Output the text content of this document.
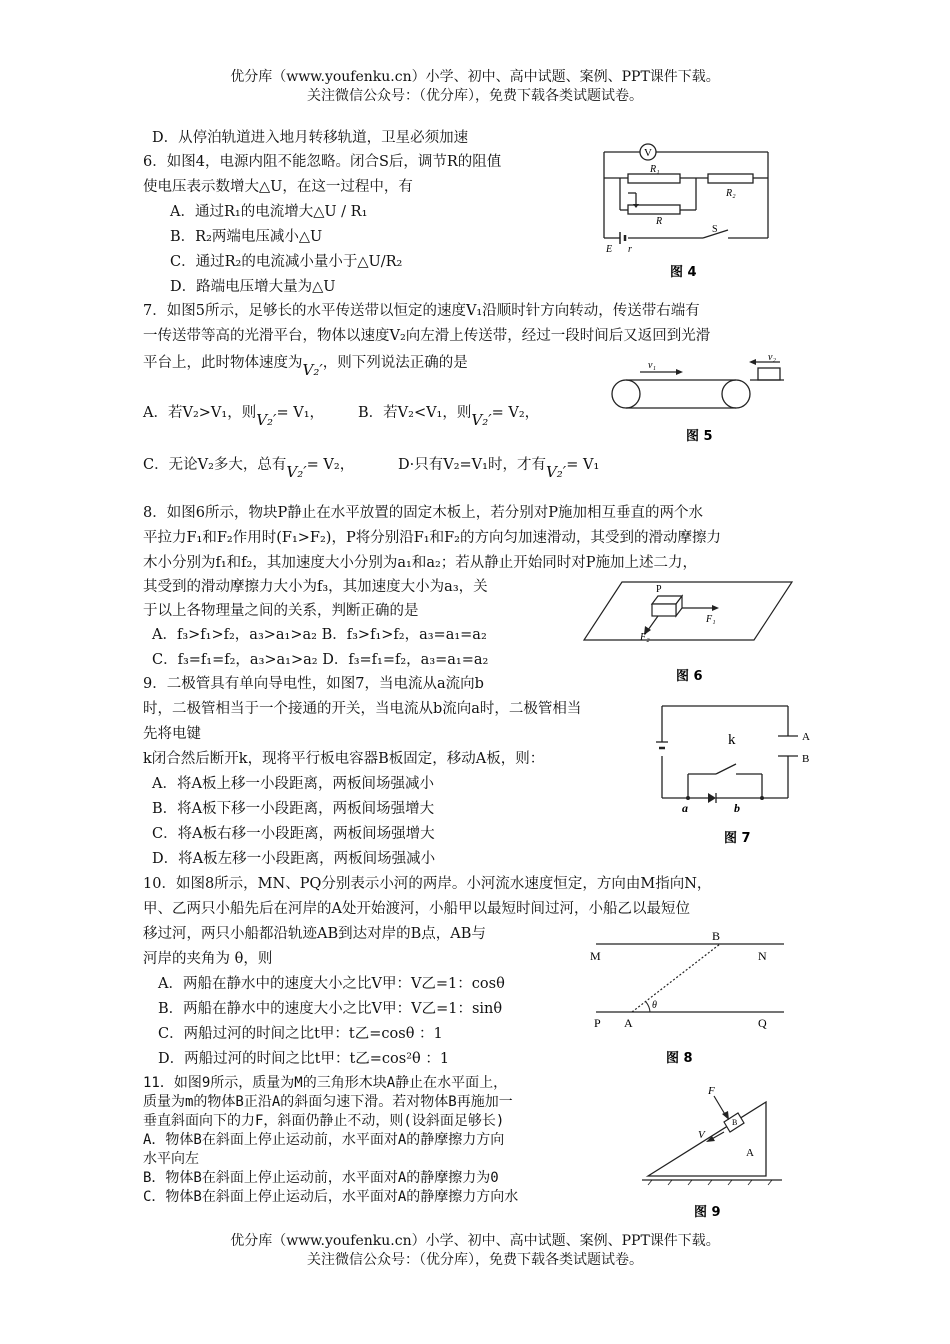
优分库（www.youfenku.cn）小学、初中、高中试题、案例、PPT课件下载。
关注微信公众号：（优分库），免费下载各类试题试卷。
D．从停泊轨道进入地月转移轨道，卫星必须加速
6．如图4，电源内阻不能忽略。闭合S后，调节R的阻值
使电压表示数增大△U，在这一过程中，有
A．通过R₁的电流增大△U / R₁
B．R₂两端电压减小△U
C．通过R₂的电流减小量小于△U/R₂
D．路端电压增大量为△U
V
R₁
R₂
R
E r
S
图 4
7．如图5所示，足够长的水平传送带以恒定的速度V₁沿顺时针方向转动，传送带右端有
一传送带等高的光滑平台，物体以速度V₂向左滑上传送带，经过一段时间后又返回到光滑
平台上，此时物体速度为V₂′，则下列说法正确的是
A．若V₂>V₁，则V₂′= V₁， B．若V₂<V₁，则V₂′= V₂，
C．无论V₂多大，总有V₂′= V₂，	D·只有V₂=V₁时，才有V₂′= V₁
v₁
v₂
图 5
8．如图6所示，物块P静止在水平放置的固定木板上，若分别对P施加相互垂直的两个水
平拉力F₁和F₂作用时(F₁>F₂)，P将分别沿F₁和F₂的方向匀加速滑动，其受到的滑动摩擦力
木小分别为f₁和f₂，其加速度大小分别为a₁和a₂；若从静止开始同时对P施加上述二力，
其受到的滑动摩擦力大小为f₃，其加速度大小为a₃，关
于以上各物理量之间的关系，判断正确的是
A．f₃>f₁>f₂，a₃>a₁>a₂ B．f₃>f₁>f₂，a₃=a₁=a₂
C．f₃=f₁=f₂，a₃>a₁>a₂ D．f₃=f₁=f₂，a₃=a₁=a₂
P
F₁
F₂
图 6
9．二极管具有单向导电性，如图7，当电流从a流向b
时，二极管相当于一个接通的开关，当电流从b流向a时，二极管相当
先将电键
k闭合然后断开k，现将平行板电容器B板固定，移动A板，则：
A．将A板上移一小段距离，两板间场强减小
B．将A板下移一小段距离，两板间场强增大
C．将A板右移一小段距离，两板间场强增大
D．将A板左移一小段距离，两板间场强减小
k	A
B
a	b
图 7
10．如图8所示，MN、PQ分别表示小河的两岸。小河流水速度恒定，方向由M指向N，
甲、乙两只小船先后在河岸的A处开始渡河，小船甲以最短时间过河，小船乙以最短位
移过河，两只小船都沿轨迹AB到达对岸的B点，AB与
河岸的夹角为 θ，则
A．两船在静水中的速度大小之比V甲：V乙=1：cosθ
B．两船在静水中的速度大小之比V甲：V乙=1：sinθ
C．两船过河的时间之比t甲：t乙=cosθ ：1
D．两船过河的时间之比t甲：t乙=cos²θ ：1
M	N
B
P A	Q
θ
图 8
11．如图9所示，质量为M的三角形木块A静止在水平面上，
质量为m的物体B正沿A的斜面匀速下滑。若对物体B再施加一
垂直斜面向下的力F，斜面仍静止不动，则(设斜面足够长)
A．物体B在斜面上停止运动前，水平面对A的静摩擦力方向
水平向左
B．物体B在斜面上停止运动前，水平面对A的静摩擦力为0
C．物体B在斜面上停止运动后，水平面对A的静摩擦力方向水
F
V
B
A
图 9
优分库（www.youfenku.cn）小学、初中、高中试题、案例、PPT课件下载。
关注微信公众号：（优分库），免费下载各类试题试卷。
